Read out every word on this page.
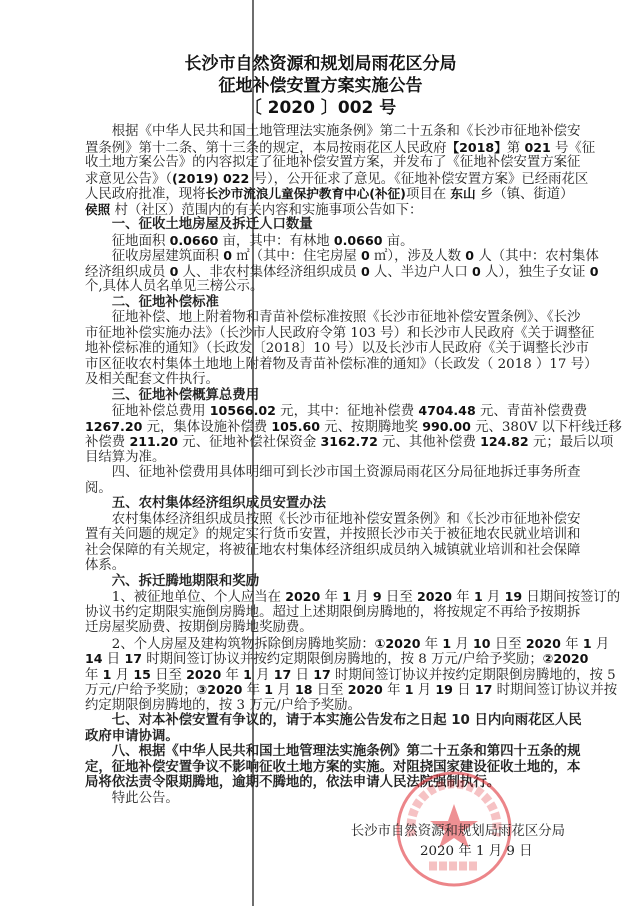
长沙市自然资源和规划局雨花区分局
征地补偿安置方案实施公告
〔 2020 〕002 号
根据《中华人民共和国土地管理法实施条例》第二十五条和《长沙市征地补偿安
置条例》第十二条、第十三条的规定，本局按雨花区人民政府【2018】第 021 号《征
收土地方案公告》的内容拟定了征地补偿安置方案，并发布了《征地补偿安置方案征
求意见公告》（(2019) 022 号），公开征求了意见。《征地补偿安置方案》已经雨花区
人民政府批准，现将长沙市流浪儿童保护教育中心(补征)项目在 东山 乡（镇、街道）
侯照 村（社区）范围内的有关内容和实施事项公告如下：
一、征收土地房屋及拆迁人口数量
征地面积 0.0660 亩，其中：有林地 0.0660 亩。
征收房屋建筑面积 0 ㎡（其中：住宅房屋 0 ㎡），涉及人数 0 人（其中：农村集体
经济组织成员 0 人、非农村集体经济组织成员 0 人、半边户人口 0 人），独生子女证 0
个,具体人员名单见三榜公示。
二、征地补偿标准
征地补偿、地上附着物和青苗补偿标准按照《长沙市征地补偿安置条例》、《长沙
市征地补偿实施办法》（长沙市人民政府令第 103 号）和长沙市人民政府《关于调整征
地补偿标准的通知》（长政发〔2018〕10 号）以及长沙市人民政府《关于调整长沙市
市区征收农村集体土地地上附着物及青苗补偿标准的通知》（长政发（ 2018 ）17 号）
及相关配套文件执行。
三、征地补偿概算总费用
征地补偿总费用 10566.02 元，其中：征地补偿费 4704.48 元、青苗补偿费费
1267.20 元，集体设施补偿费 105.60 元、按期腾地奖 990.00 元、380V 以下杆线迁移
补偿费 211.20 元、征地补偿社保资金 3162.72 元、其他补偿费 124.82 元；最后以项
目结算为准。
四、征地补偿费用具体明细可到长沙市国土资源局雨花区分局征地拆迁事务所查
阅。
五、农村集体经济组织成员安置办法
农村集体经济组织成员按照《长沙市征地补偿安置条例》和《长沙市征地补偿安
置有关问题的规定》的规定实行货币安置，并按照长沙市关于被征地农民就业培训和
社会保障的有关规定，将被征地农村集体经济组织成员纳入城镇就业培训和社会保障
体系。
六、拆迁腾地期限和奖励
1、被征地单位、个人应当在 2020 年 1 月 9 日至 2020 年 1 月 19 日期间按签订的
协议书约定期限实施倒房腾地。超过上述期限倒房腾地的，将按规定不再给予按期拆
迁房屋奖励费、按期倒房腾地奖励费。
2、个人房屋及建构筑物拆除倒房腾地奖励：①2020 年 1 月 10 日至 2020 年 1 月
14 日 17 时期间签订协议并按约定期限倒房腾地的，按 8 万元/户给予奖励；②2020
年 1 月 15 日至 2020 年 1 月 17 日 17 时期间签订协议并按约定期限倒房腾地的，按 5
万元/户给予奖励；③2020 年 1 月 18 日至 2020 年 1 月 19 日 17 时期间签订协议并按
约定期限倒房腾地的，按 3 万元/户给予奖励。
七、对本补偿安置有争议的，请于本实施公告发布之日起 10 日内向雨花区人民
政府申请协调。
八、根据《中华人民共和国土地管理法实施条例》第二十五条和第四十五条的规
定，征地补偿安置争议不影响征收土地方案的实施。对阻挠国家建设征收土地的，本
局将依法责令限期腾地，逾期不腾地的，依法申请人民法院强制执行。
特此公告。
长沙市自然资源和规划局雨花区分局
2020 年 1 月 9 日
